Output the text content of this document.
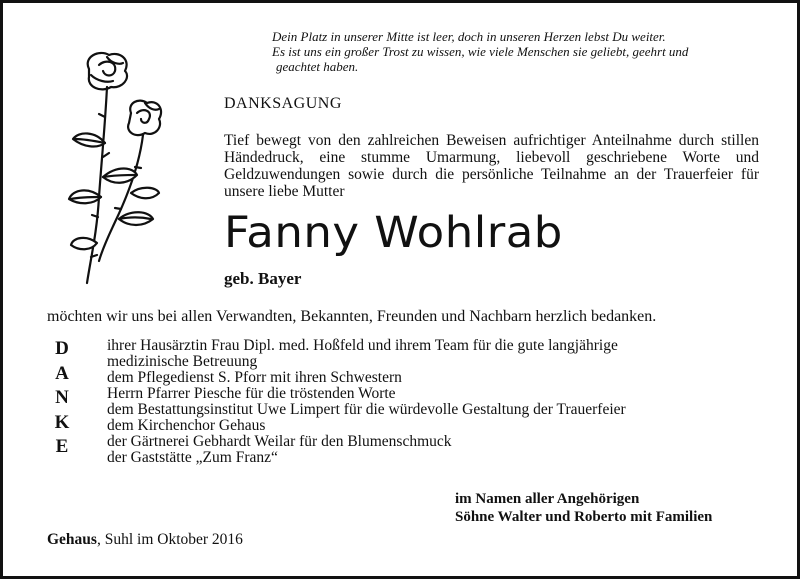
Dein Platz in unserer Mitte ist leer, doch in unseren Herzen lebst Du weiter.
Es ist uns ein großer Trost zu wissen, wie viele Menschen sie geliebt, geehrt und
geachtet haben.
DANKSAGUNG
Tief bewegt von den zahlreichen Beweisen aufrichtiger Anteilnahme durch stillen Händedruck, eine stumme Umarmung, liebevoll geschriebene Worte und Geldzuwendungen sowie durch die persönliche Teilnahme an der Trauerfeier für unsere liebe Mutter
Fanny Wohlrab
geb. Bayer
möchten wir uns bei allen Verwandten, Bekannten, Freunden und Nachbarn herzlich bedanken.
D
A
N
K
E
ihrer Hausärztin Frau Dipl. med. Hoßfeld und ihrem Team für die gute langjährige
medizinische Betreuung
dem Pflegedienst S. Pforr mit ihren Schwestern
Herrn Pfarrer Piesche für die tröstenden Worte
dem Bestattungsinstitut Uwe Limpert für die würdevolle Gestaltung der Trauerfeier
dem Kirchenchor Gehaus
der Gärtnerei Gebhardt Weilar für den Blumenschmuck
der Gaststätte „Zum Franz“
im Namen aller Angehörigen
Söhne Walter und Roberto mit Familien
Gehaus, Suhl im Oktober 2016
